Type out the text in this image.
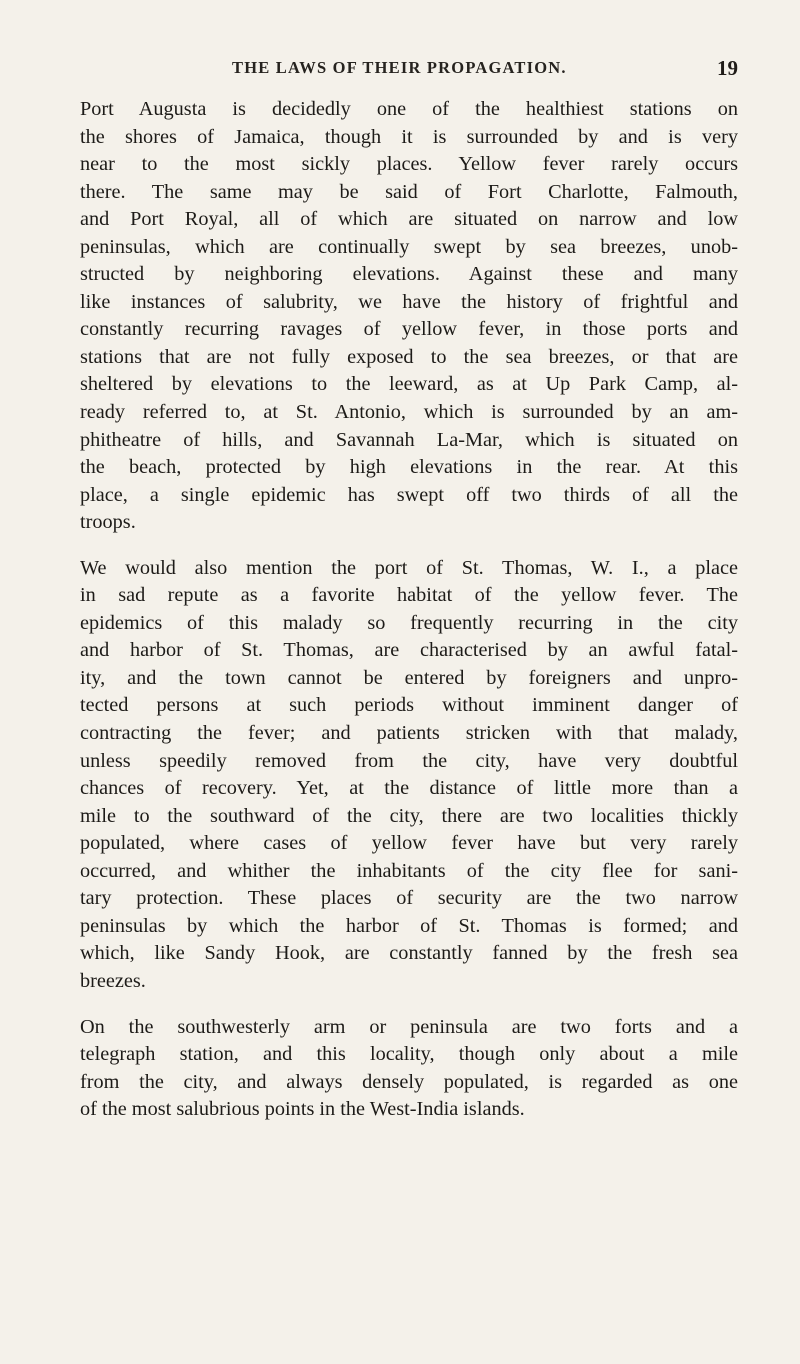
THE LAWS OF THEIR PROPAGATION.	19

Port Augusta is decidedly one of the healthiest stations on
the shores of Jamaica, though it is surrounded by and is very
near to the most sickly places. Yellow fever rarely occurs
there. The same may be said of Fort Charlotte, Falmouth,
and Port Royal, all of which are situated on narrow and low
peninsulas, which are continually swept by sea breezes, unob-
structed by neighboring elevations. Against these and many
like instances of salubrity, we have the history of frightful and
constantly recurring ravages of yellow fever, in those ports and
stations that are not fully exposed to the sea breezes, or that are
sheltered by elevations to the leeward, as at Up Park Camp, al-
ready referred to, at St. Antonio, which is surrounded by an am-
phitheatre of hills, and Savannah La-Mar, which is situated on
the beach, protected by high elevations in the rear. At this
place, a single epidemic has swept off two thirds of all the
troops.

We would also mention the port of St. Thomas, W. I., a place
in sad repute as a favorite habitat of the yellow fever. The
epidemics of this malady so frequently recurring in the city
and harbor of St. Thomas, are characterised by an awful fatal-
ity, and the town cannot be entered by foreigners and unpro-
tected persons at such periods without imminent danger of
contracting the fever; and patients stricken with that malady,
unless speedily removed from the city, have very doubtful
chances of recovery. Yet, at the distance of little more than a
mile to the southward of the city, there are two localities thickly
populated, where cases of yellow fever have but very rarely
occurred, and whither the inhabitants of the city flee for sani-
tary protection. These places of security are the two narrow
peninsulas by which the harbor of St. Thomas is formed; and
which, like Sandy Hook, are constantly fanned by the fresh sea
breezes.

On the southwesterly arm or peninsula are two forts and a
telegraph station, and this locality, though only about a mile
from the city, and always densely populated, is regarded as one
of the most salubrious points in the West-India islands.
